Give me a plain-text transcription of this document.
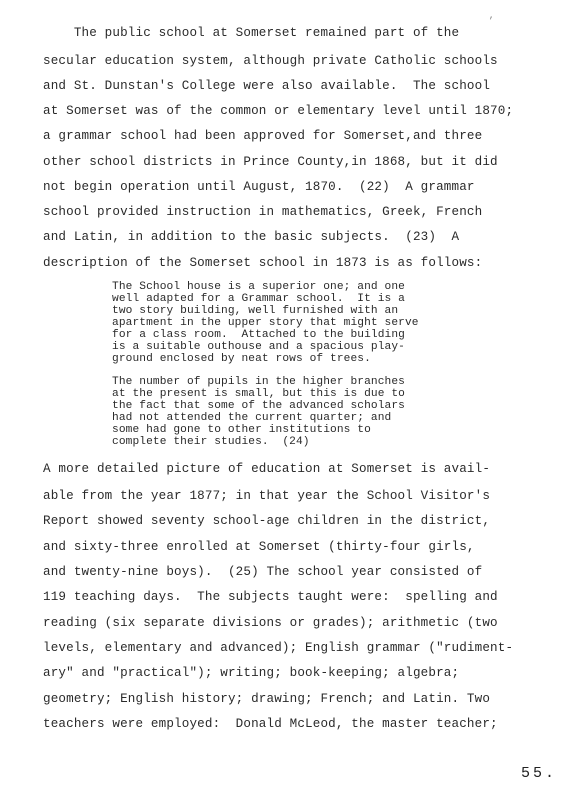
’
The public school at Somerset remained part of the
secular education system, although private Catholic schools
and St. Dunstan's College were also available.  The school
at Somerset was of the common or elementary level until 1870;
a grammar school had been approved for Somerset,and three
other school districts in Prince County,in 1868, but it did
not begin operation until August, 1870.  (22)  A grammar
school provided instruction in mathematics, Greek, French
and Latin, in addition to the basic subjects.  (23)  A
description of the Somerset school in 1873 is as follows:
The School house is a superior one; and one
well adapted for a Grammar school.  It is a
two story building, well furnished with an
apartment in the upper story that might serve
for a class room.  Attached to the building
is a suitable outhouse and a spacious play-
ground enclosed by neat rows of trees.
The number of pupils in the higher branches
at the present is small, but this is due to
the fact that some of the advanced scholars
had not attended the current quarter; and
some had gone to other institutions to
complete their studies.  (24)
A more detailed picture of education at Somerset is avail-
able from the year 1877; in that year the School Visitor's
Report showed seventy school-age children in the district,
and sixty-three enrolled at Somerset (thirty-four girls,
and twenty-nine boys).  (25) The school year consisted of
119 teaching days.  The subjects taught were:  spelling and
reading (six separate divisions or grades); arithmetic (two
levels, elementary and advanced); English grammar ("rudiment-
ary" and "practical"); writing; book-keeping; algebra;
geometry; English history; drawing; French; and Latin. Two
teachers were employed:  Donald McLeod, the master teacher;
55.
